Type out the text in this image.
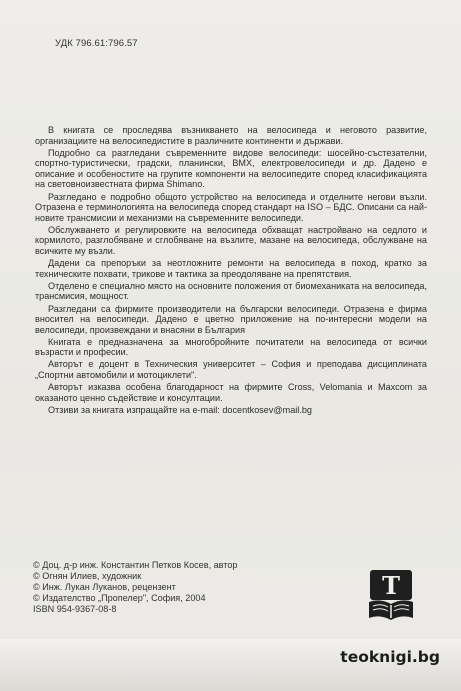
УДК 796.61:796.57

В книгата се проследява възникването на велосипеда и неговото развитие, организациите на велосипедистите в различните континенти и държави.

Подробно са разгледани съвременните видове велосипеди: шосейно-състезателни, спортно-туристически, градски, планински, BMX, електровелосипеди и др. Дадено е описание и особеностите на групите компоненти на велосипедите според класификацията на световноизвестната фирма Shimano.

Разгледано е подробно общото устройство на велосипеда и отделните негови възли. Отразена е терминологията на велосипеда според стандарт на ISO – БДС. Описани са най-новите трансмисии и механизми на съвременните велосипеди.

Обслужването и регулировките на велосипеда обхващат настройвано на седлото и кормилото, разглобяване и сглобяване на възлите, мазане на велосипеда, обслужване на всичките му възли.

Дадени са препоръки за неотложните ремонти на велосипеда в поход, кратко за техническите похвати, трикове и тактика за преодоляване на препятствия.

Отделено е специално място на основните положения от биомеханиката на велосипеда, трансмисия, мощност.

Разгледани са фирмите производители на български велосипеди. Отразена е фирма вносител на велосипеди. Дадено е цветно приложение на по-интересни модели на велосипеди, произвеждани и внасяни в България

Книгата е предназначена за многобройните почитатели на велосипеда от всички възрасти и професии.

Авторът е доцент в Техническия университет – София и преподава дисциплината „Спортни автомобили и мотоциклети".

Авторът изказва особена благодарност на фирмите Cross, Velomania и Maxcom за оказаното ценно съдействие и консултации.

Отзиви за книгата изпращайте на e-mail: docentkosev@mail.bg

© Доц. д-р инж. Константин Петков Косев, автор
© Огнян Илиев, художник
© Инж. Лукан Луканов, рецензент
© Издателство „Пропелер", София, 2004
ISBN 954-9367-08-8
T
teoknigi.bg
